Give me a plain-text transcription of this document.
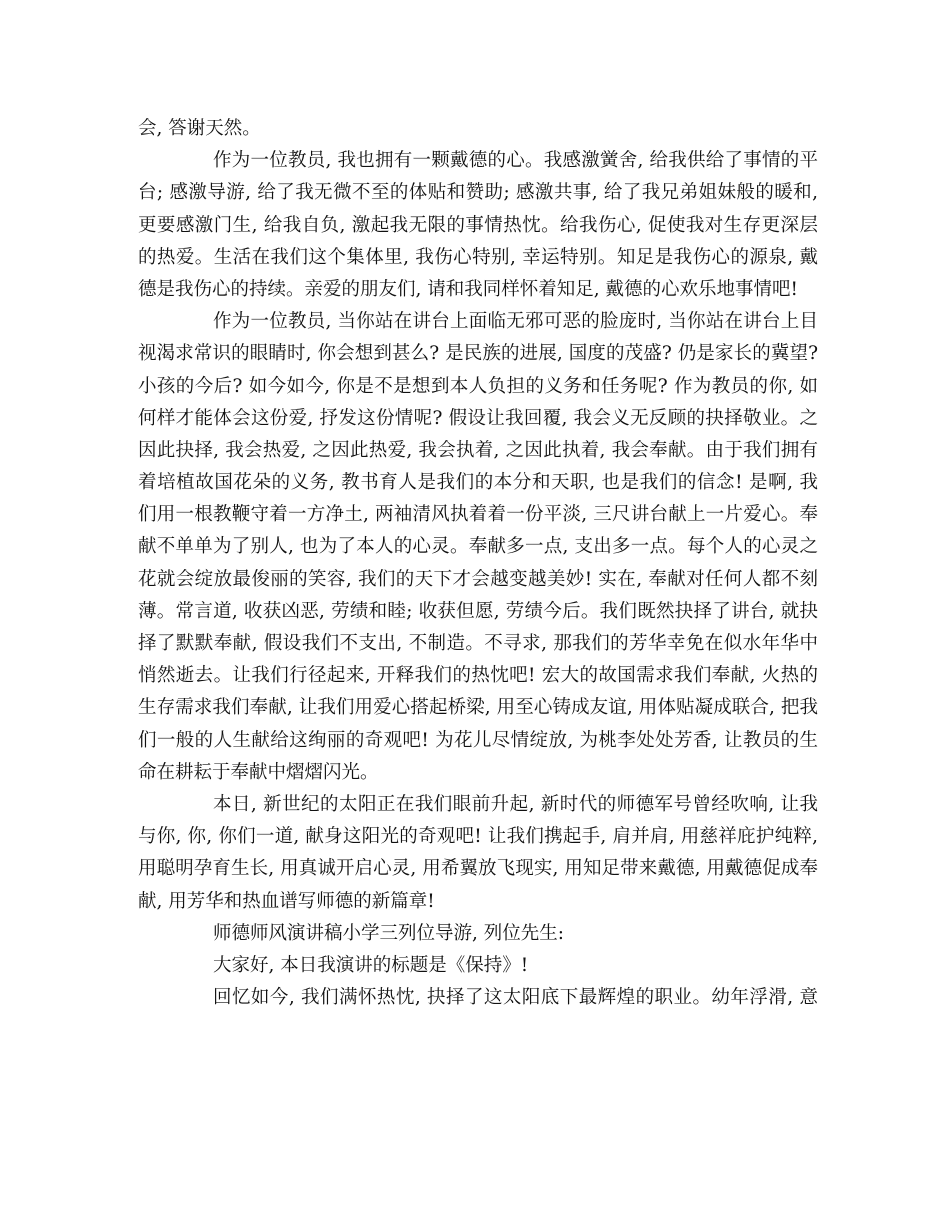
会, 答谢天然。
作为一位教员, 我也拥有一颗戴德的心。我感激黉舍, 给我供给了事情的平
台; 感激导游, 给了我无微不至的体贴和赞助; 感激共事, 给了我兄弟姐妹般的暖和,
更要感激门生, 给我自负, 激起我无限的事情热忱。给我伤心, 促使我对生存更深层
的热爱。生活在我们这个集体里, 我伤心特别, 幸运特别。知足是我伤心的源泉, 戴
德是我伤心的持续。亲爱的朋友们, 请和我同样怀着知足, 戴德的心欢乐地事情吧!
作为一位教员, 当你站在讲台上面临无邪可恶的脸庞时, 当你站在讲台上目
视渴求常识的眼睛时, 你会想到甚么? 是民族的进展, 国度的茂盛? 仍是家长的冀望?
小孩的今后? 如今如今, 你是不是想到本人负担的义务和任务呢? 作为教员的你, 如
何样才能体会这份爱, 抒发这份情呢? 假设让我回覆, 我会义无反顾的抉择敬业。之
因此抉择, 我会热爱, 之因此热爱, 我会执着, 之因此执着, 我会奉献。由于我们拥有
着培植故国花朵的义务, 教书育人是我们的本分和天职, 也是我们的信念! 是啊, 我
们用一根教鞭守着一方净土, 两袖清风执着着一份平淡, 三尺讲台献上一片爱心。奉
献不单单为了别人, 也为了本人的心灵。奉献多一点, 支出多一点。每个人的心灵之
花就会绽放最俊丽的笑容, 我们的天下才会越变越美妙! 实在, 奉献对任何人都不刻
薄。常言道, 收获凶恶, 劳绩和睦; 收获但愿, 劳绩今后。我们既然抉择了讲台, 就抉
择了默默奉献, 假设我们不支出, 不制造。不寻求, 那我们的芳华幸免在似水年华中
悄然逝去。让我们行径起来, 开释我们的热忱吧! 宏大的故国需求我们奉献, 火热的
生存需求我们奉献, 让我们用爱心搭起桥梁, 用至心铸成友谊, 用体贴凝成联合, 把我
们一般的人生献给这绚丽的奇观吧! 为花儿尽情绽放, 为桃李处处芳香, 让教员的生
命在耕耘于奉献中熠熠闪光。
本日, 新世纪的太阳正在我们眼前升起, 新时代的师德军号曾经吹响, 让我
与你, 你, 你们一道, 献身这阳光的奇观吧! 让我们携起手, 肩并肩, 用慈祥庇护纯粹,
用聪明孕育生长, 用真诚开启心灵, 用希翼放飞现实, 用知足带来戴德, 用戴德促成奉
献, 用芳华和热血谱写师德的新篇章!
师德师风演讲稿小学三列位导游, 列位先生:
大家好, 本日我演讲的标题是《保持》!
回忆如今, 我们满怀热忱, 抉择了这太阳底下最辉煌的职业。幼年浮滑, 意
